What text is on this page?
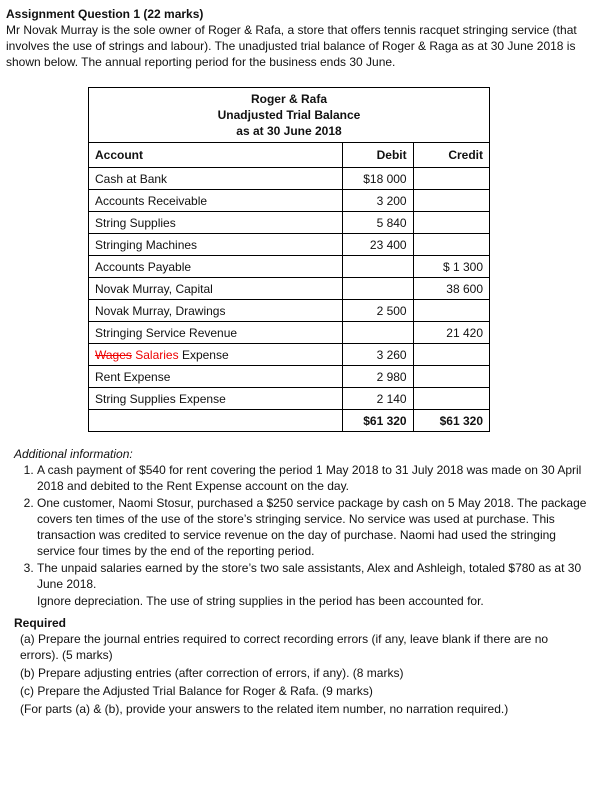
Assignment Question 1 (22 marks)

Mr Novak Murray is the sole owner of Roger & Rafa, a store that offers tennis racquet stringing service (that involves the use of strings and labour). The unadjusted trial balance of Roger & Raga as at 30 June 2018 is shown below. The annual reporting period for the business ends 30 June.

Roger & Rafa
Unadjusted Trial Balance
as at 30 June 2018		

Account	Debit	Credit
Cash at Bank	$18 000	
Accounts Receivable	3 200	
String Supplies	5 840	
Stringing Machines	23 400	
Accounts Payable		$ 1 300
Novak Murray, Capital		38 600
Novak Murray, Drawings	2 500	
Stringing Service Revenue		21 420
Wages Salaries Expense	3 260	
Rent Expense	2 980	
String Supplies Expense	2 140	
	$61 320	$61 320

Additional information:

1. A cash payment of $540 for rent covering the period 1 May 2018 to 31 July 2018 was made on 30 April 2018 and debited to the Rent Expense account on the day.
2. One customer, Naomi Stosur, purchased a $250 service package by cash on 5 May 2018. The package covers ten times of the use of the store’s stringing service. No service was used at purchase. This transaction was credited to service revenue on the day of purchase. Naomi had used the stringing service four times by the end of the reporting period.
3. The unpaid salaries earned by the store’s two sale assistants, Alex and Ashleigh, totaled $780 as at 30 June 2018.

Ignore depreciation. The use of string supplies in the period has been accounted for.

Required

(a) Prepare the journal entries required to correct recording errors (if any, leave blank if there are no errors). (5 marks)

(b) Prepare adjusting entries (after correction of errors, if any). (8 marks)

(c) Prepare the Adjusted Trial Balance for Roger & Rafa. (9 marks)

(For parts (a) & (b), provide your answers to the related item number, no narration required.)
